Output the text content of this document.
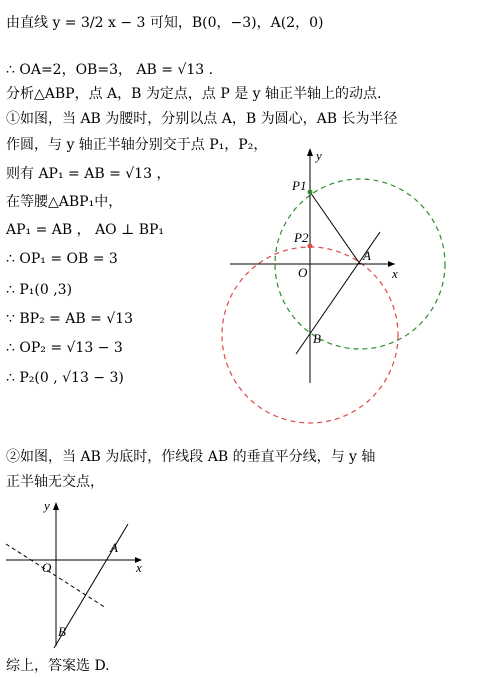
由直线 y = 3/2 x − 3 可知，B(0，−3)，A(2，0)
∴ OA=2，OB=3， AB = √13 .
分析△ABP，点 A，B 为定点，点 P 是 y 轴正半轴上的动点.
①如图，当 AB 为腰时，分别以点 A，B 为圆心，AB 长为半径
作圆，与 y 轴正半轴分别交于点 P₁，P₂，
则有 AP₁ = AB = √13 ，
在等腰△ABP₁中，
AP₁ = AB ， AO ⊥ BP₁
∴ OP₁ = OB = 3
∴ P₁(0 ,3)
∵ BP₂ = AB = √13
∴ OP₂ = √13 − 3
∴ P₂(0 , √13 − 3)
②如图，当 AB 为底时，作线段 AB 的垂直平分线，与 y 轴
正半轴无交点，
综上，答案选 D.
y
x
O
A
B
P1
P2
y
x
O
A
B
